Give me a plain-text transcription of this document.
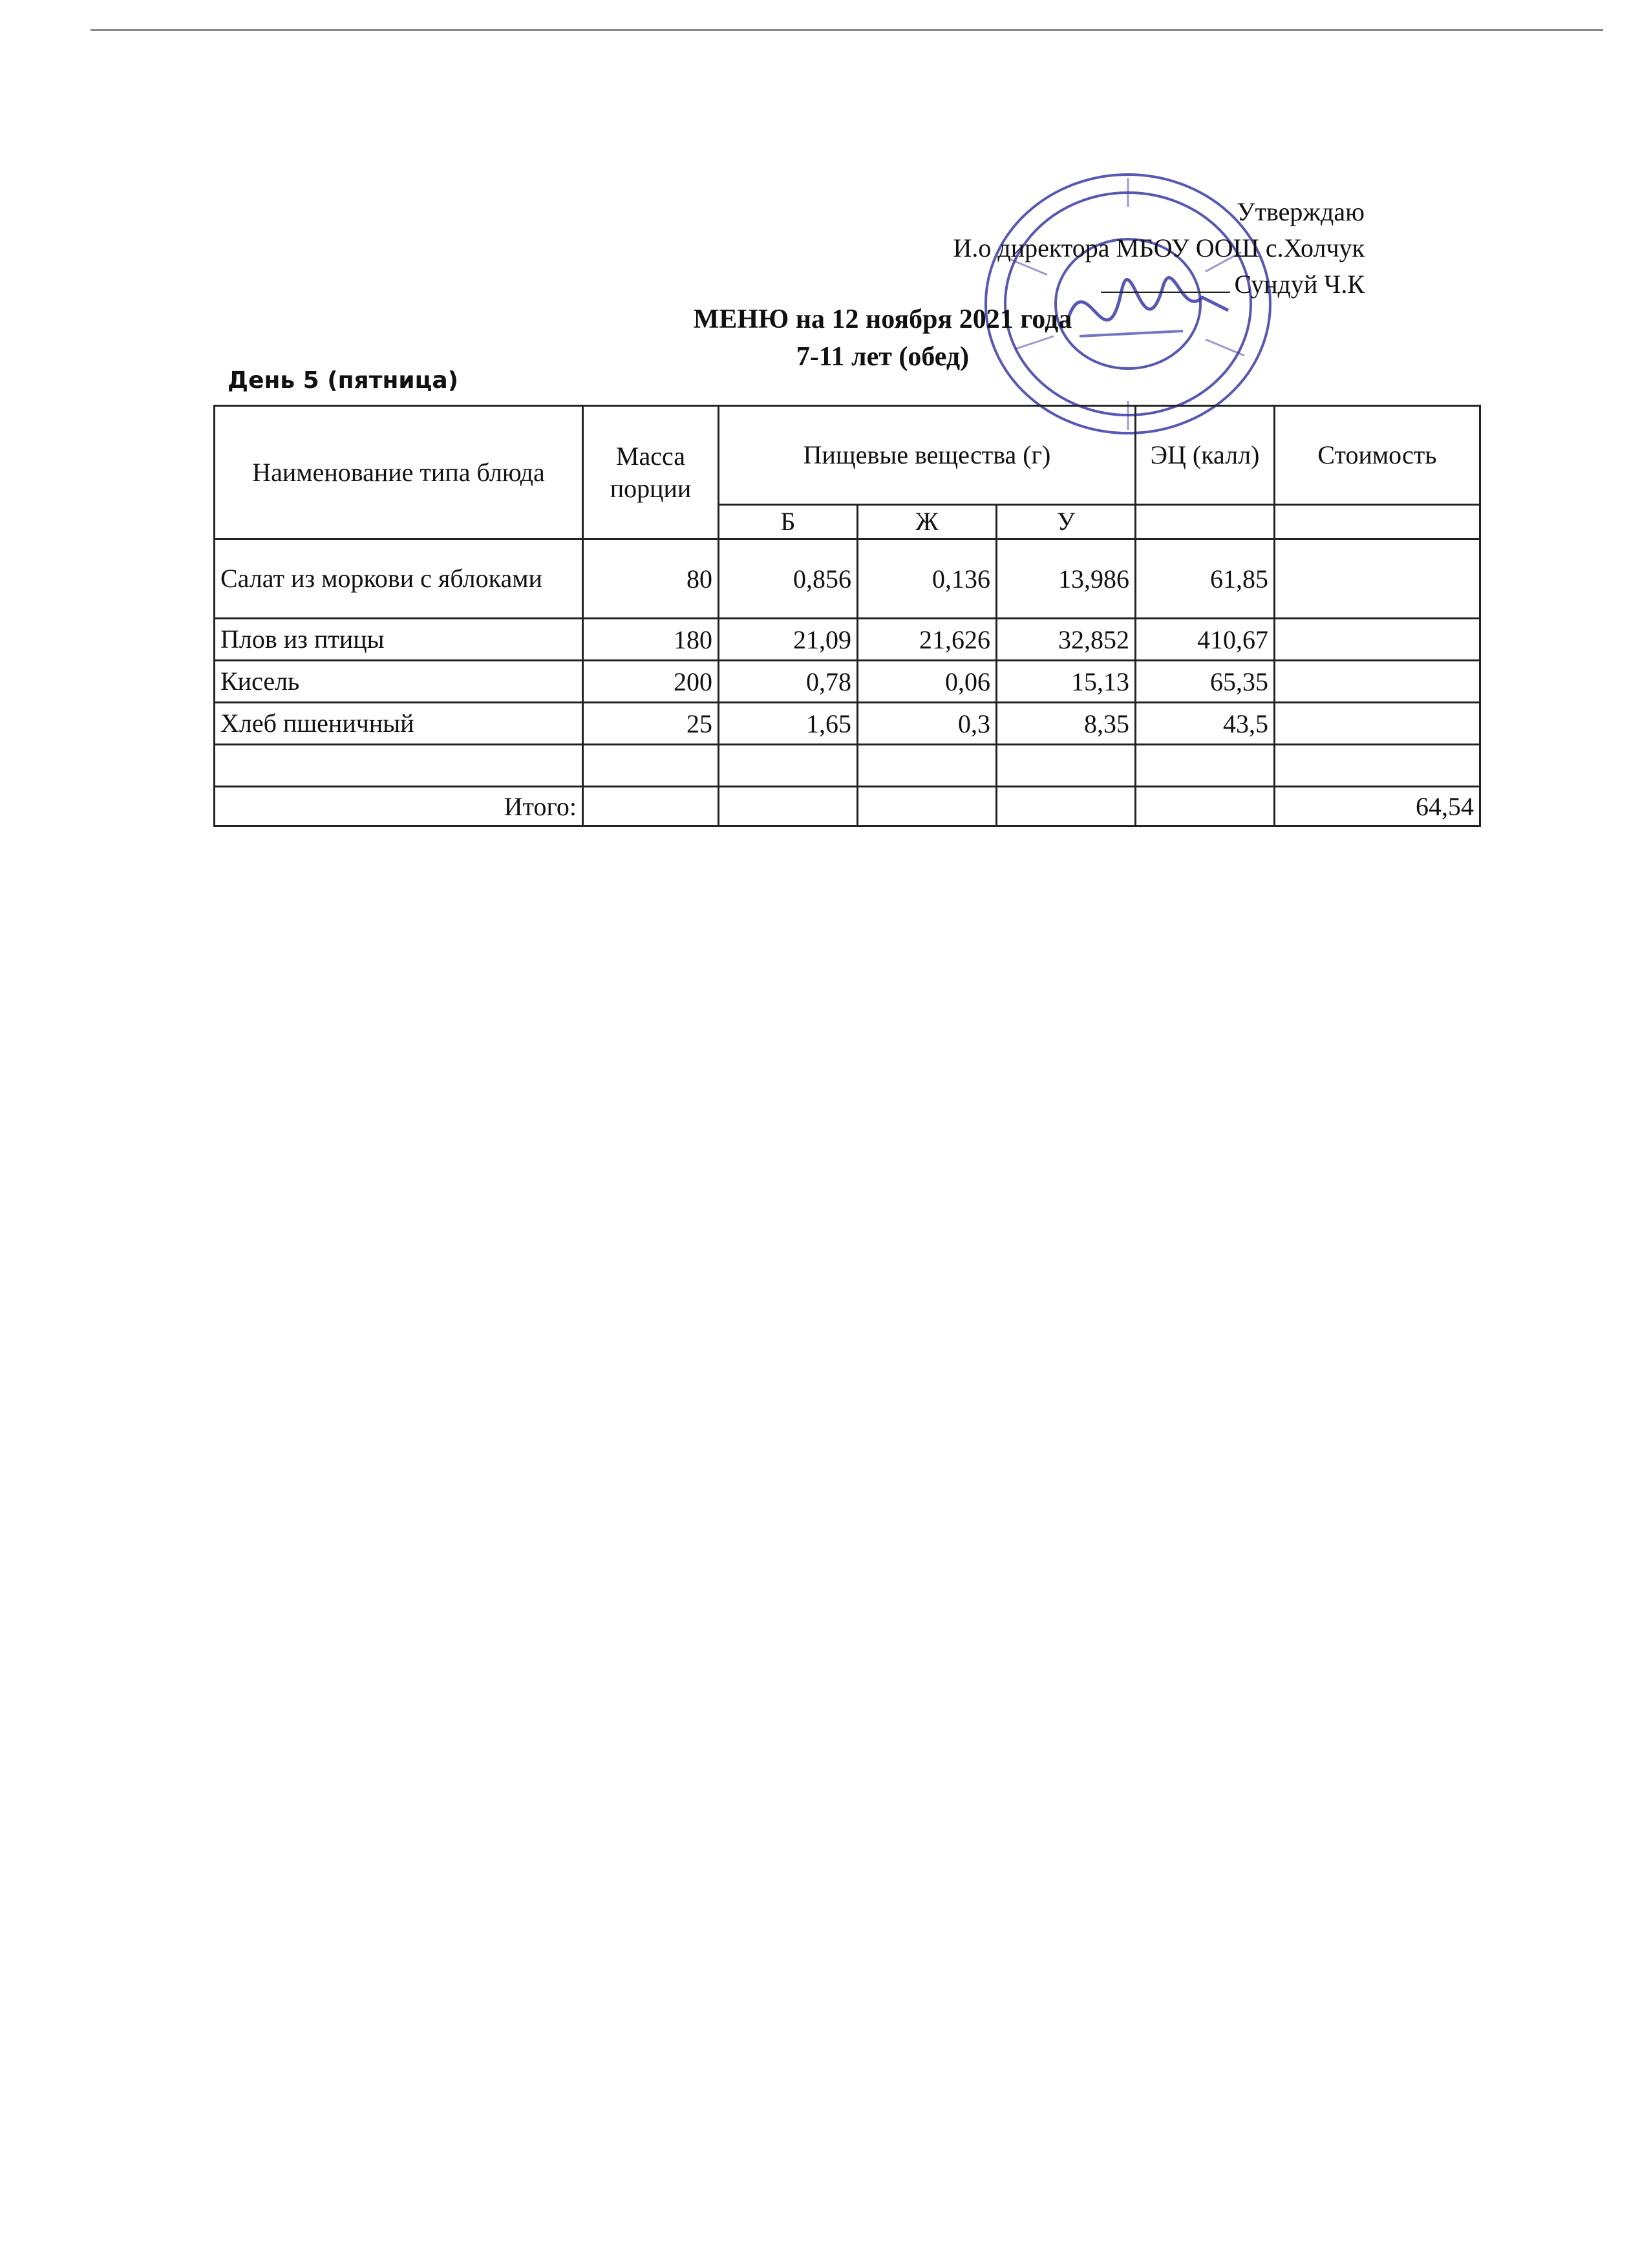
Утверждаю
И.о директора МБОУ ООШ с.Холчук
Сундуй Ч.К
МЕНЮ на 12 ноября 2021 года
7-11 лет (обед)
День 5 (пятница)
Наименование типа блюда	Масса порции	Пищевые вещества (г)			ЭЦ (калл)	Стоимость
		Б	Ж	У		
Салат из моркови с яблоками	80	0,856	0,136	13,986	61,85	
Плов из птицы	180	21,09	21,626	32,852	410,67	
Кисель	200	0,78	0,06	15,13	65,35	
Хлеб пшеничный	25	1,65	0,3	8,35	43,5	

Итого:						64,54
